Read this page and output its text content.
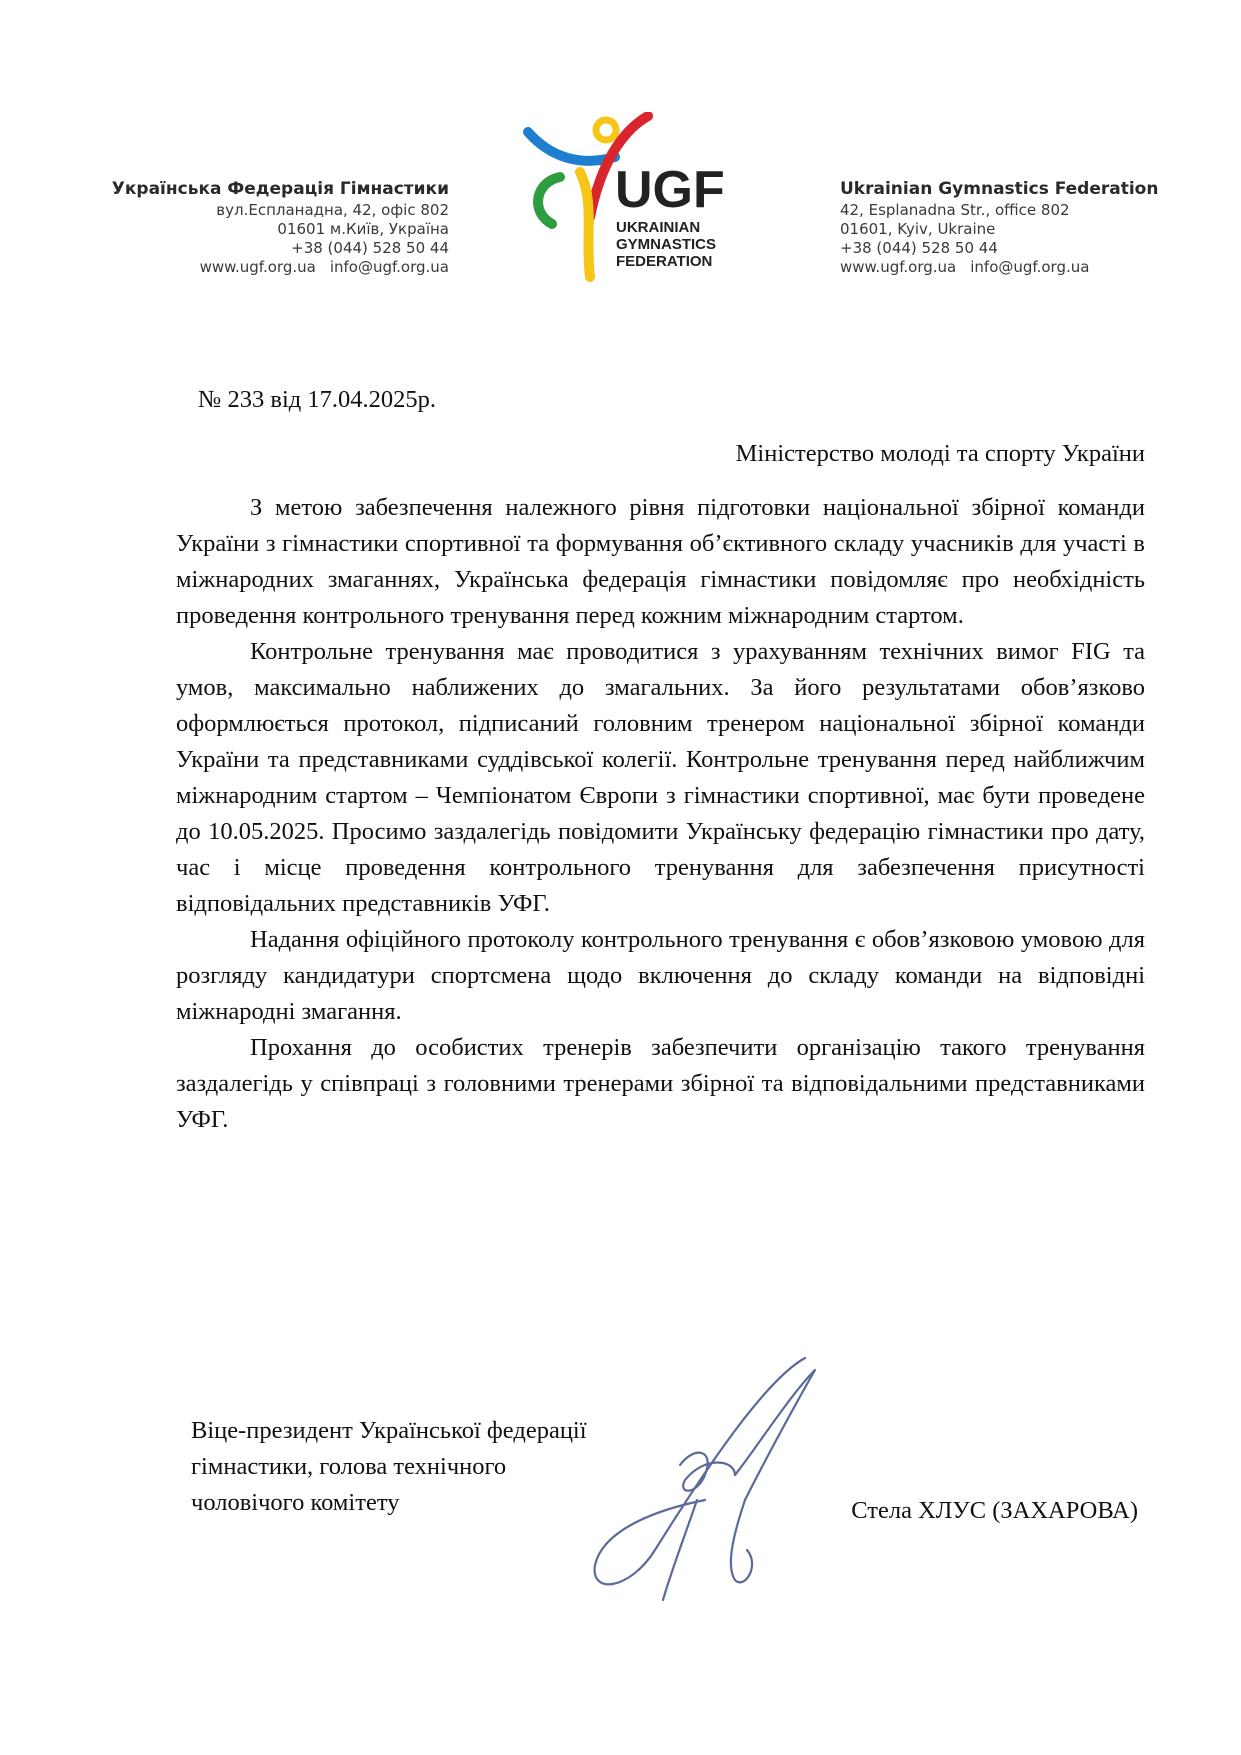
Українська Федерація Гімнастики
вул.Еспланадна, 42, офіс 802
01601 м.Київ, Україна
+38 (044) 528 50 44
www.ugf.org.ua info@ugf.org.ua
UGF
UKRAINIAN
GYMNASTICS
FEDERATION
Ukrainian Gymnastics Federation
42, Esplanadna Str., office 802
01601, Kyiv, Ukraine
+38 (044) 528 50 44
www.ugf.org.ua info@ugf.org.ua

№ 233 від 17.04.2025р.

Міністерство молоді та спорту України

З метою забезпечення належного рівня підготовки національної збірної команди України з гімнастики спортивної та формування об’єктивного складу учасників для участі в міжнародних змаганнях, Українська федерація гімнастики повідомляє про необхідність проведення контрольного тренування перед кожним міжнародним стартом.

Контрольне тренування має проводитися з урахуванням технічних вимог FIG та умов, максимально наближених до змагальних. За його результатами обов’язково оформлюється протокол, підписаний головним тренером національної збірної команди України та представниками суддівської колегії. Контрольне тренування перед найближчим міжнародним стартом – Чемпіонатом Європи з гімнастики спортивної, має бути проведене до 10.05.2025. Просимо заздалегідь повідомити Українську федерацію гімнастики про дату, час і місце проведення контрольного тренування для забезпечення присутності відповідальних представників УФГ.

Надання офіційного протоколу контрольного тренування є обов’язковою умовою для розгляду кандидатури спортсмена щодо включення до складу команди на відповідні міжнародні змагання.

Прохання до особистих тренерів забезпечити організацію такого тренування заздалегідь у співпраці з головними тренерами збірної та відповідальними представниками УФГ.

Віце-президент Української федерації
гімнастики, голова технічного
чоловічого комітету	Стела ХЛУС (ЗАХАРОВА)
